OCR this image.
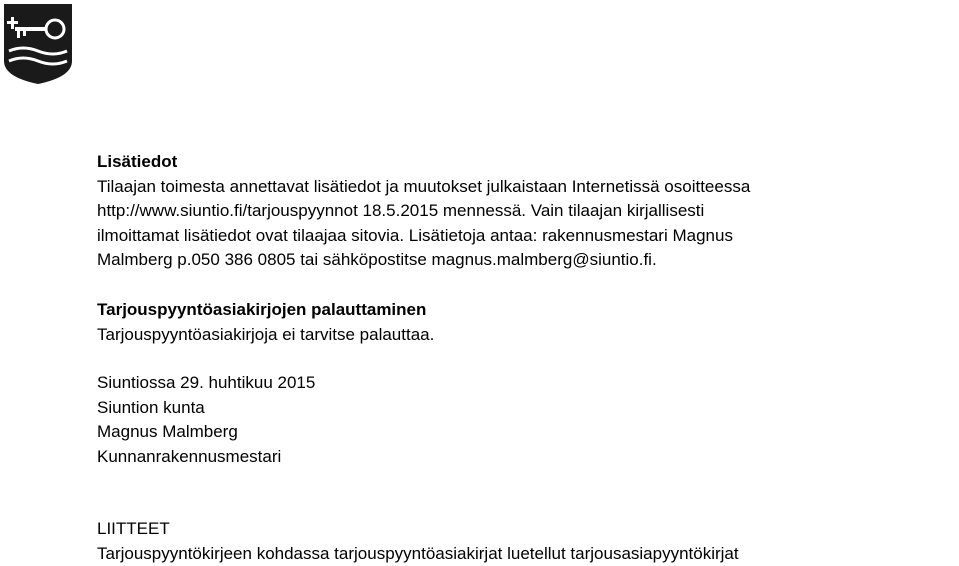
SIUNTION KUNTA
SJUNDEÅ KOMMUN
TARJOUSPYYNTÖ
29.4.2015
Sivu 6 / 6

Lisätiedot

Tilaajan toimesta annettavat lisätiedot ja muutokset julkaistaan Internetissä osoitteessa

http://www.siuntio.fi/tarjouspyynnot 18.5.2015 mennessä. Vain tilaajan kirjallisesti

ilmoittamat lisätiedot ovat tilaajaa sitovia. Lisätietoja antaa: rakennusmestari Magnus

Malmberg p.050 386 0805 tai sähköpostitse magnus.malmberg@siuntio.fi.

Tarjouspyyntöasiakirjojen palauttaminen

Tarjouspyyntöasiakirjoja ei tarvitse palauttaa.

Siuntiossa 29. huhtikuu 2015

Siuntion kunta

Magnus Malmberg

Kunnanrakennusmestari

LIITTEET

Tarjouspyyntökirjeen kohdassa tarjouspyyntöasiakirjat luetellut tarjousasiapyyntökirjat
